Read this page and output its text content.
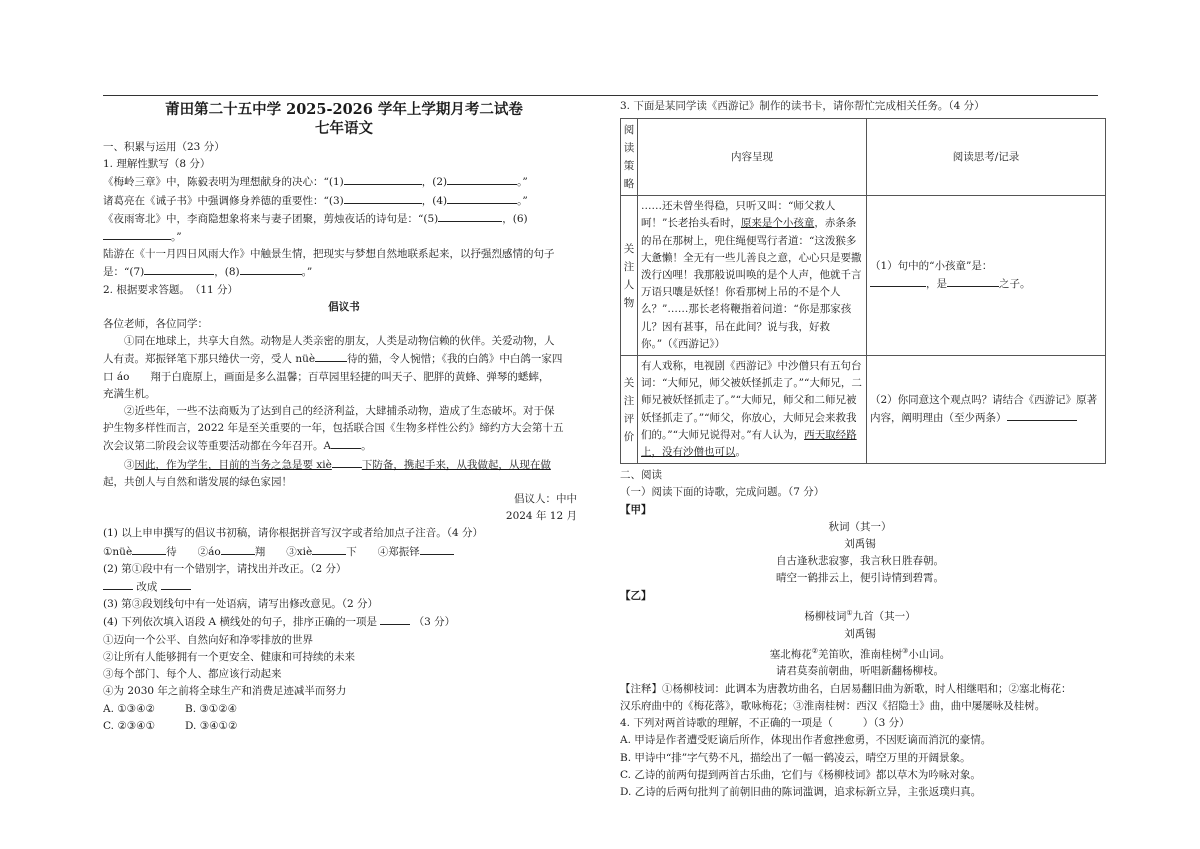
莆田第二十五中学 2025-2026 学年上学期月考二试卷
七年语文
一、积累与运用（23 分）
1. 理解性默写（8 分）
《梅岭三章》中，陈毅表明为理想献身的决心：“(1)	，(2)	。”
诸葛亮在《诫子书》中强调修身养德的重要性：“(3)	，(4)	。”
《夜雨寄北》中，李商隐想象将来与妻子团聚，剪烛夜话的诗句是：“(5)	，(6)
。”
陆游在《十一月四日风雨大作》中触景生情，把现实与梦想自然地联系起来，以抒强烈感情的句子
是：“(7)	，(8)	。”
2. 根据要求答题。　（11 分）
倡议书
各位老师，各位同学：
①同在地球上，共享大自然。动物是人类亲密的朋友，人类是动物信赖的伙伴。关爱动物，人
人有责。郑振铎笔下那只绻伏一旁，受人 nüè	待的猫，令人惋惜；《我的白鸽》中白鸽一家四
口 áo　　翔于白鹿原上，画面是多么温馨；百草园里轻捷的叫天子、肥胖的黄蜂、弹琴的蟋蟀，
充满生机。
②近些年，一些不法商贩为了达到自己的经济利益，大肆捕杀动物，造成了生态破坏。对于保
护生物多样性而言，2022 年是至关重要的一年，包括联合国《生物多样性公约》缔约方大会第十五
次会议第二阶段会议等重要活动都在今年召开。A	。
③因此，作为学生，目前的当务之急是要 xiè	下防备，携起手来，从我做起，从现在做
起，共创人与自然和谐发展的绿色家园！
倡议人：中中
2024 年 12 月
(1) 以上申申撰写的倡议书初稿，请你根据拼音写汉字或者给加点子注音。（4 分）
①nüè	待　　②áo	翔　　③xiè	下　　④郑振铎
(2) 第①段中有一个错别字，请找出并改正。（2 分）
改成
(3) 第③段划线句中有一处语病，请写出修改意见。（2 分）
(4) 下列依次填入语段 A 横线处的句子，排序正确的一项是	（3 分）
①迈向一个公平、自然向好和净零排放的世界
②让所有人能够拥有一个更安全、健康和可持续的未来
③每个部门、每个人、都应该行动起来
④为 2030 年之前将全球生产和消费足迹减半而努力
A. ①③④②	B. ③①②④
C. ②③④①	D. ③④①②
3. 下面是某同学读《西游记》制作的读书卡，请你帮忙完成相关任务。（4 分）
阅读策略	内容呈现	阅读思考/记录
关注人物	……还未曾坐得稳，只听又叫：“师父救人呵！”长老抬头看时，原来是个小孩童，赤条条的吊在那树上，兜住绳便骂行者道：“这泼猴多大惫懒！全无有一些儿善良之意，心心只是要撒泼行凶哩！我那般说叫唤的是个人声，他就千言万语只嚷是妖怪！你看那树上吊的不是个人么？”……那长老将鞭指着问道：“你是那家孩儿？因有甚事，吊在此间？说与我，好救你。”（《西游记》）	（1）句中的“小孩童”是：
，是 之子。
关注评价	有人戏称，电视剧《西游记》中沙僧只有五句台词：“大师兄，师父被妖怪抓走了。”“大师兄，二师兄被妖怪抓走了。”“大师兄，师父和二师兄被妖怪抓走了。”“师父，你放心，大师兄会来救我们的。”“大师兄说得对。”有人认为，西天取经路上，没有沙僧也可以。	（2）你同意这个观点吗？请结合《西游记》原著内容，阐明理由（至少两条）
二、阅读
（一）阅读下面的诗歌，完成问题。（7 分）
【甲】
秋词（其一）
刘禹锡
自古逢秋悲寂寥，我言秋日胜春朝。
晴空一鹤排云上，便引诗情到碧霄。
【乙】
杨柳枝词①九首（其一）
刘禹锡
塞北梅花②羌笛吹，淮南桂树③小山词。
请君莫奏前朝曲，听唱新翻杨柳枝。
【注释】①杨柳枝词：此调本为唐教坊曲名，白居易翻旧曲为新歌，时人相继唱和；②塞北梅花：
汉乐府曲中的《梅花落》，歌咏梅花；③淮南桂树：西汉《招隐士》曲，曲中屡屡咏及桂树。
4. 下列对两首诗歌的理解，不正确的一项是（	）（3 分）
A. 甲诗是作者遭受贬谪后所作，体现出作者愈挫愈勇，不因贬谪而消沉的豪情。
B. 甲诗中“排”字气势不凡，描绘出了一幅一鹤凌云，晴空万里的开阔景象。
C. 乙诗的前两句提到两首古乐曲，它们与《杨柳枝词》都以草木为吟咏对象。
D. 乙诗的后两句批判了前朝旧曲的陈词滥调，追求标新立异，主张返璞归真。
